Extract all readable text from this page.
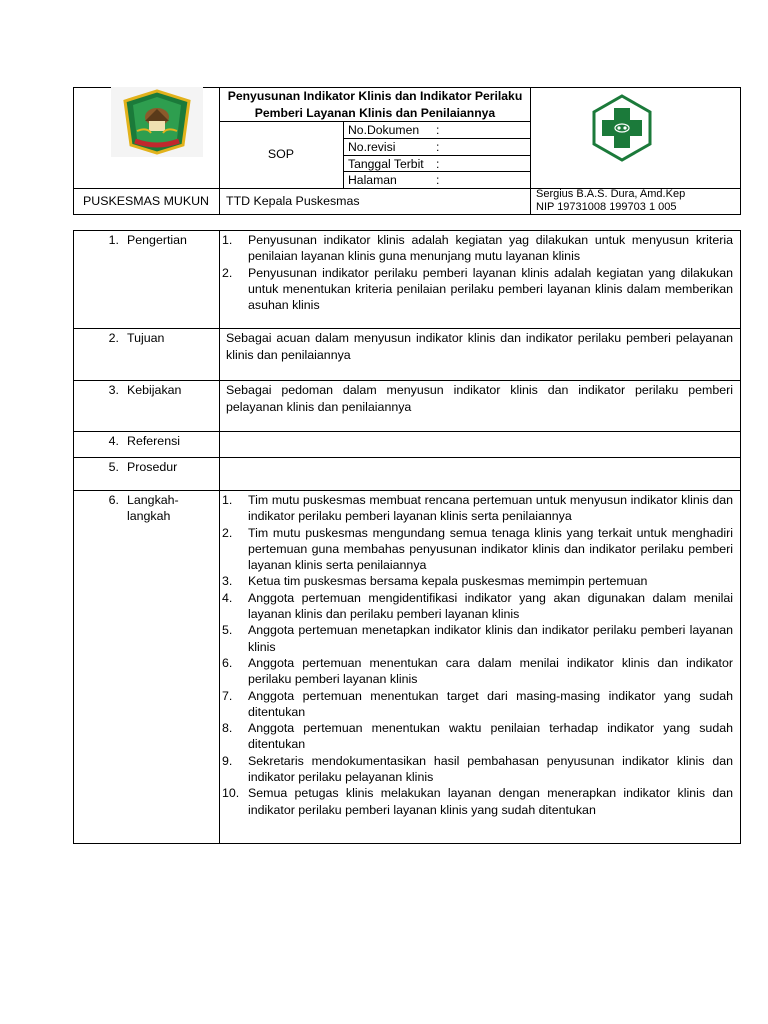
Penyusunan Indikator Klinis dan Indikator Perilaku Pemberi Layanan Klinis dan Penilaiannya
SOP
No.Dokumen	:
No.revisi	:
Tanggal Terbit	:
Halaman	:
PUSKESMAS MUKUN	TTD Kepala Puskesmas	Sergius B.A.S. Dura, Amd.Kep
NIP 19731008 199703 1 005
1. Pengertian	1.	Penyusunan indikator klinis adalah kegiatan yag dilakukan untuk menyusun kriteria penilaian layanan klinis guna menunjang mutu layanan klinis
2.	Penyusunan indikator perilaku pemberi layanan klinis adalah kegiatan yang dilakukan untuk menentukan kriteria penilaian perilaku pemberi layanan klinis dalam memberikan asuhan klinis
2. Tujuan	Sebagai acuan dalam menyusun indikator klinis dan indikator perilaku pemberi pelayanan klinis dan penilaiannya
3. Kebijakan	Sebagai pedoman dalam menyusun indikator klinis dan indikator perilaku pemberi pelayanan klinis dan penilaiannya
4. Referensi
5. Prosedur
6. Langkah-langkah
1.	Tim mutu puskesmas membuat rencana pertemuan untuk menyusun indikator klinis dan indikator perilaku pemberi layanan klinis serta penilaiannya
2.	Tim mutu puskesmas mengundang semua tenaga klinis yang terkait untuk menghadiri pertemuan guna membahas penyusunan indikator klinis dan indikator perilaku pemberi layanan klinis serta penilaiannya
3.	Ketua tim puskesmas bersama kepala puskesmas memimpin pertemuan
4.	Anggota pertemuan mengidentifikasi indikator yang akan digunakan dalam menilai layanan klinis dan perilaku pemberi layanan klinis
5.	Anggota pertemuan menetapkan indikator klinis dan indikator perilaku pemberi layanan klinis
6.	Anggota pertemuan menentukan cara dalam menilai indikator klinis dan indikator perilaku pemberi layanan klinis
7.	Anggota pertemuan menentukan target dari masing-masing indikator yang sudah ditentukan
8.	Anggota pertemuan menentukan waktu penilaian terhadap indikator yang sudah ditentukan
9.	Sekretaris mendokumentasikan hasil pembahasan penyusunan indikator klinis dan indikator perilaku pelayanan klinis
10. Semua petugas klinis melakukan layanan dengan menerapkan indikator klinis dan indikator perilaku pemberi layanan klinis yang sudah ditentukan
